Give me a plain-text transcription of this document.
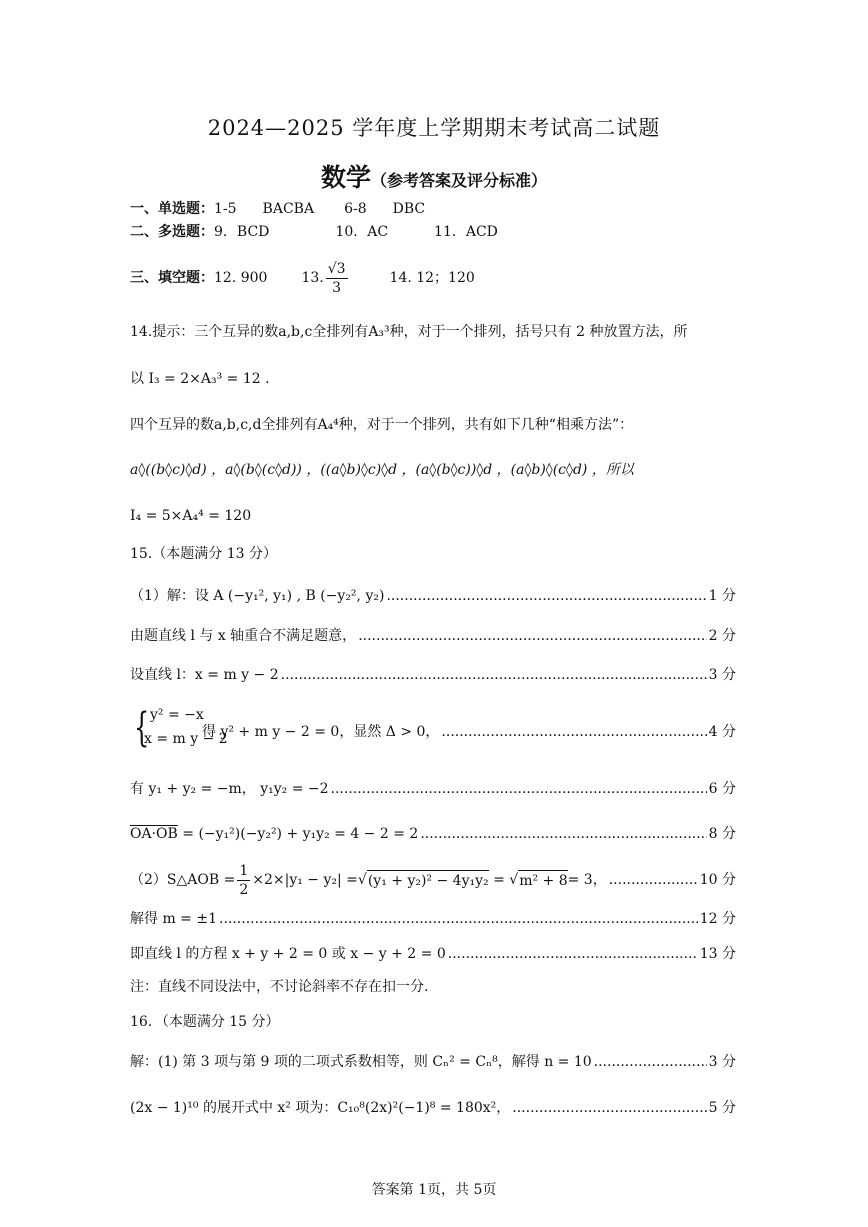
2024—2025 学年度上学期期末考试高二试题
数学（参考答案及评分标准）
一、单选题：1-5 BACBA 6-8 DBC
二、多选题：9．BCD	10．AC	11．ACD
三、填空题： 12. 900 13. $\frac{√3}{3}$	14. 12；120
14.提示：三个互异的数a,b,c全排列有A₃³种，对于一个排列，括号只有 2 种放置方法，所
以 I₃ = 2×A₃³ = 12 .
四个互异的数a,b,c,d全排列有A₄⁴种，对于一个排列，共有如下几种“相乘方法”：
a◊((b◊c)◊d) ，a◊(b◊(c◊d)) ，((a◊b)◊c)◊d ，(a◊(b◊c))◊d ，(a◊b)◊(c◊d) ，所以
I₄ = 5×A₄⁴ = 120
15.（本题满分 13 分）
（1）解：设 A (−y₁², y₁) , B (−y₂², y₂) .....	1 分
由题直线 l 与 x 轴重合不满足题意， .....	2 分
设直线 l：x = m y − 2 .....	3 分
{ y² = −x
x = m y − 2
得 y² + m y − 2 = 0，显然 Δ > 0， .....	4 分
有 y₁ + y₂ = −m， y₁y₂ = −2 .....	6 分
OA·OB = (−y₁²)(−y₂²) + y₁y₂ = 4 − 2 = 2 .....	8 分
（2）S△AOB = $\frac{1}{2} \times 2\times|y_1 - y_2|$ = √ (y₁ + y₂)² − 4y₁y₂ = √ m² + 8 = 3， .....	10 分
解得 m = ±1 .....	12 分
即直线 l 的方程 x + y + 2 = 0 或 x − y + 2 = 0 .....	13 分
注：直线不同设法中，不讨论斜率不存在扣一分.
16．（本题满分 15 分）
解：(1) 第 3 项与第 9 项的二项式系数相等，则 Cₙ² = Cₙ⁸，解得 n = 10 .....	3 分
(2x − 1)¹⁰ 的展开式中 x² 项为：C₁₀⁸(2x)²(−1)⁸ = 180x²， .....	5 分
答案第 1页，共 5页
